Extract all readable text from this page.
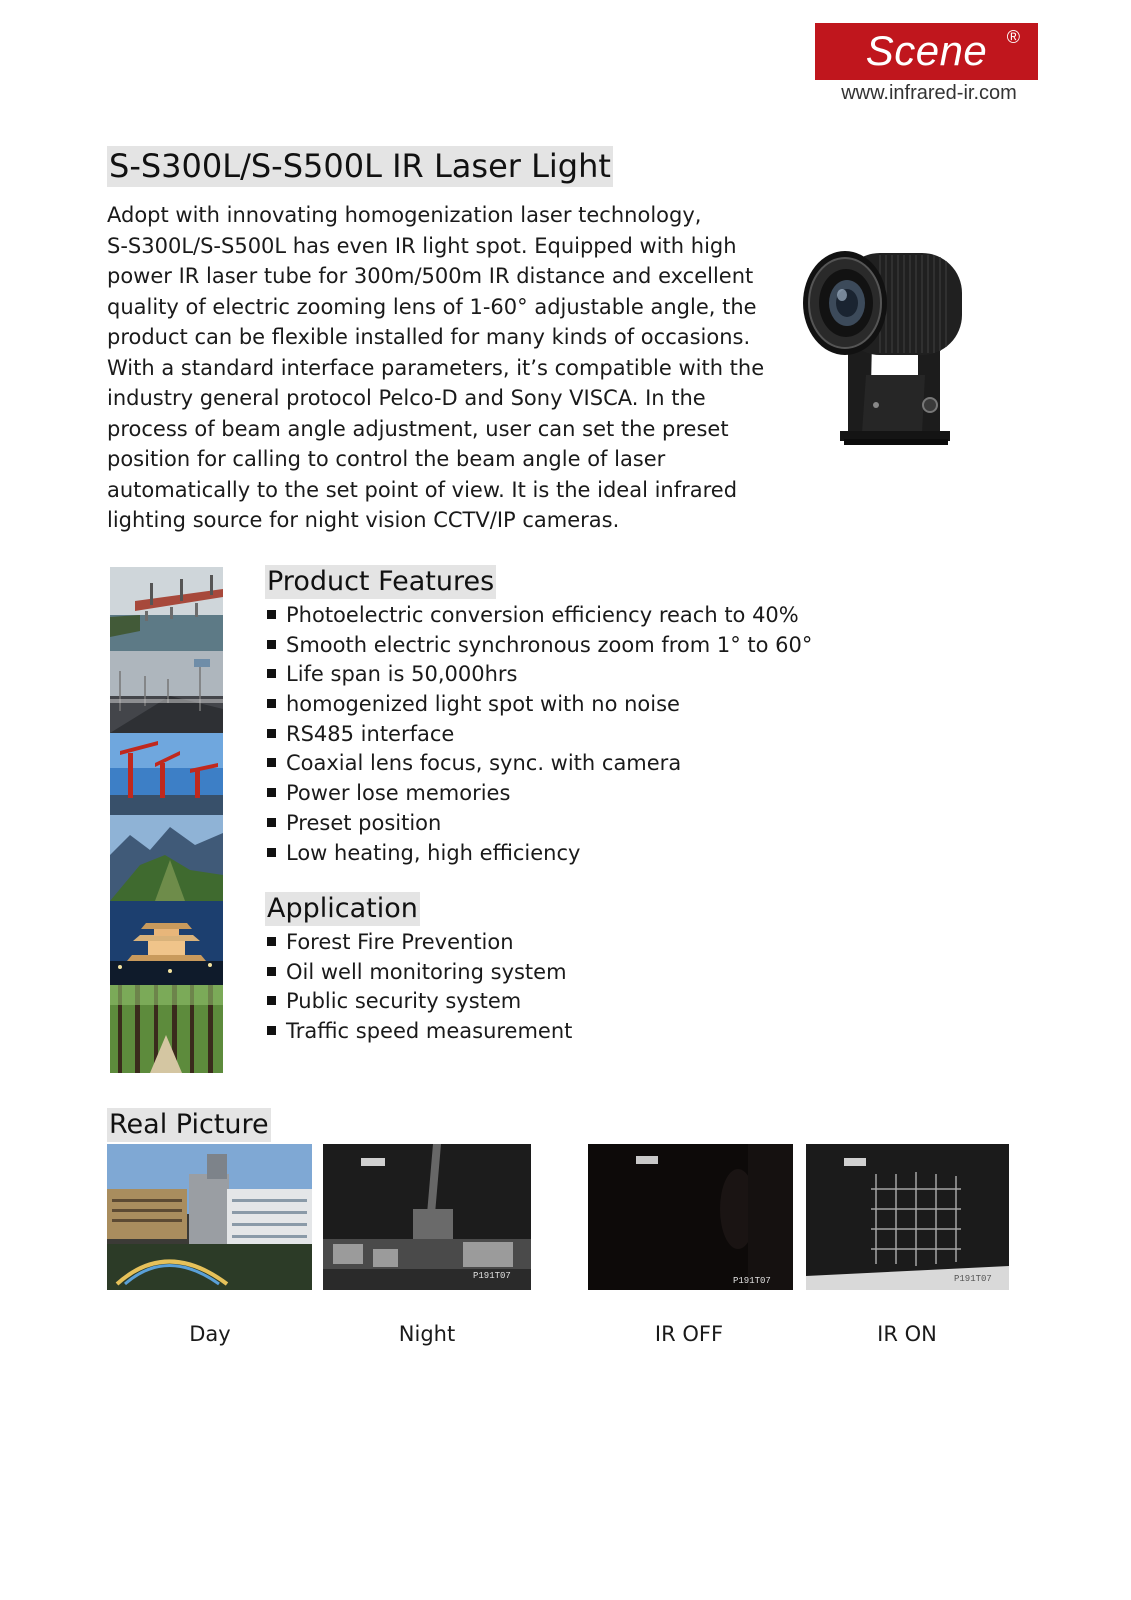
Scene	®
www.infrared-ir.com
S-S300L/S-S500L IR Laser Light

Adopt with innovating homogenization laser technology,
S-S300L/S-S500L has even IR light spot. Equipped with high
power IR laser tube for 300m/500m IR distance and excellent
quality of electric zooming lens of 1-60° adjustable angle, the
product can be flexible installed for many kinds of occasions.
With a standard interface parameters, it’s compatible with the
industry general protocol Pelco-D and Sony VISCA. In the
process of beam angle adjustment, user can set the preset
position for calling to control the beam angle of laser
automatically to the set point of view. It is the ideal infrared
lighting source for night vision CCTV/IP cameras.

Product Features
Photoelectric conversion efficiency reach to 40%
Smooth electric synchronous zoom from 1° to 60°
Life span is 50,000hrs
homogenized light spot with no noise
RS485 interface
Coaxial lens focus, sync. with camera
Power lose memories
Preset position
Low heating, high efficiency
Application
Forest Fire Prevention
Oil well monitoring system
Public security system
Traffic speed measurement
Real Picture
P191T07	P191T07	P191T07
Day	Night	IR OFF	IR ON
